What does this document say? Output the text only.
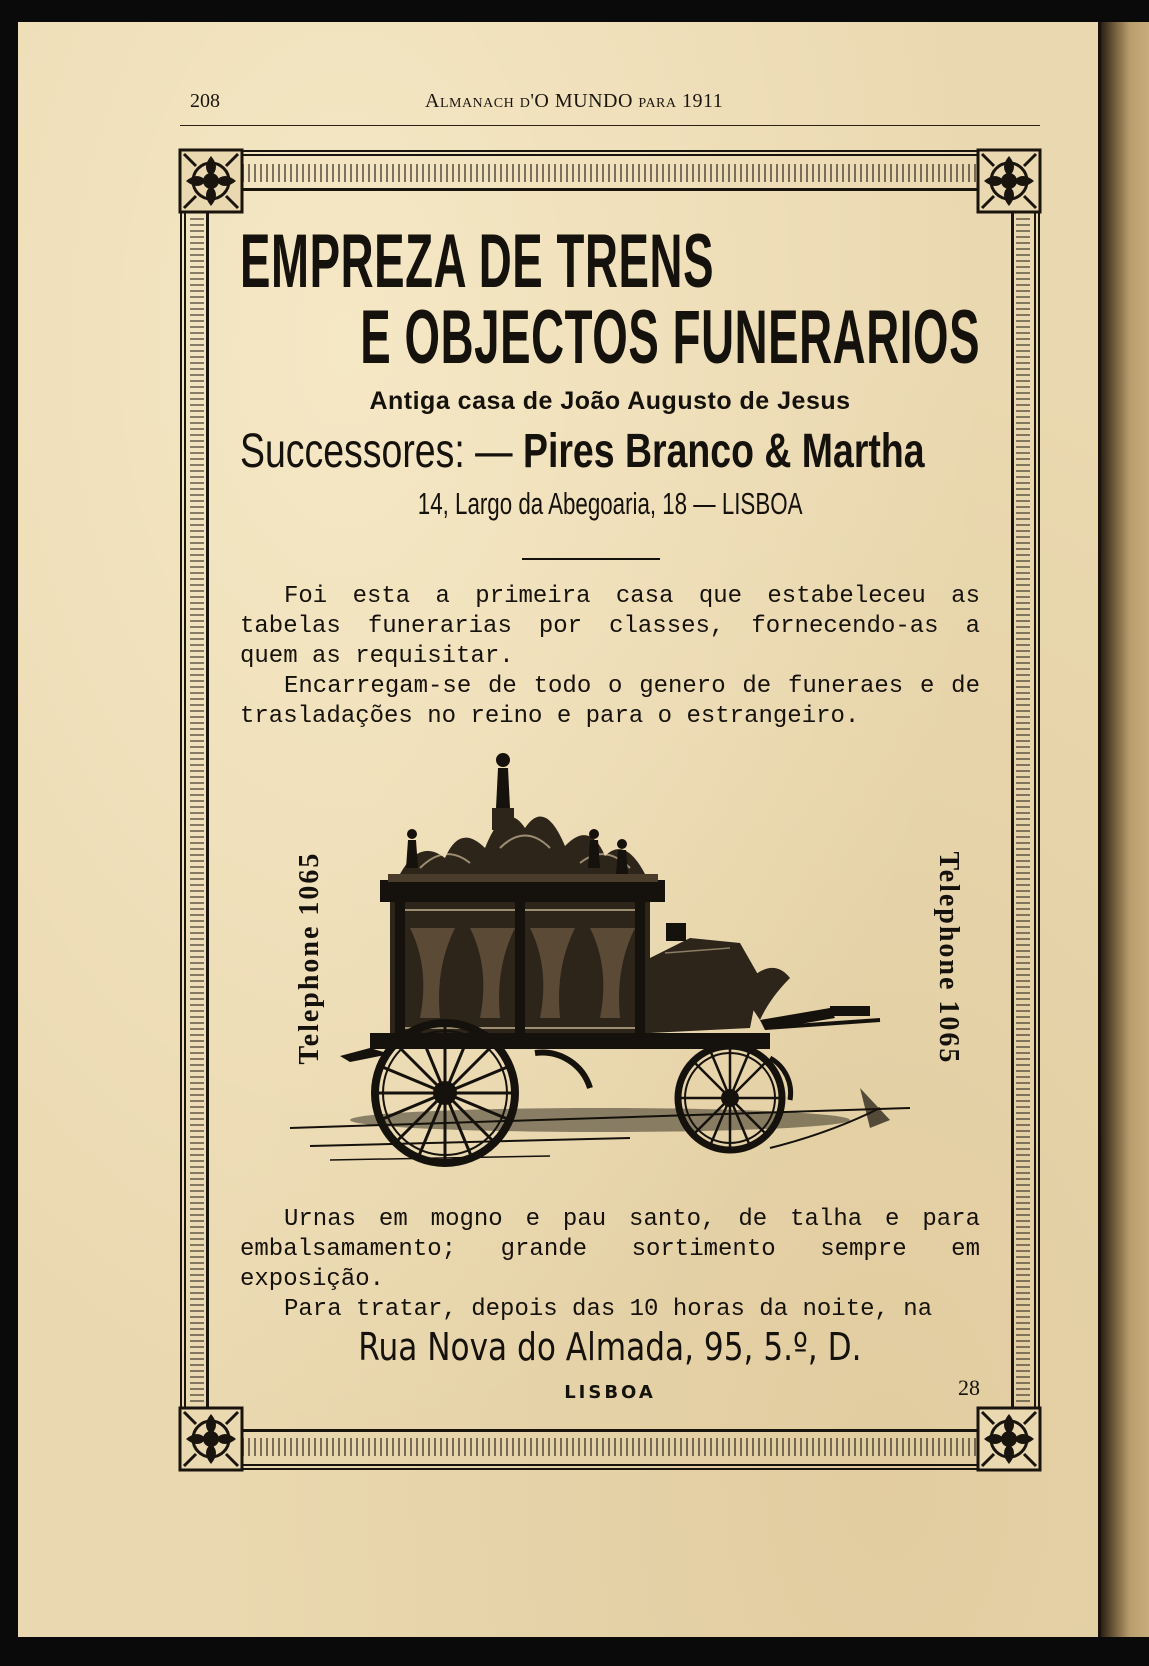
208	Almanach d'O MUNDO para 1911
EMPREZA DE TRENS
E OBJECTOS FUNERARIOS
Antiga casa de João Augusto de Jesus
Successores: — Pires Branco & Martha
14, Largo da Abegoaria, 18 — LISBOA

Foi esta a primeira casa que estabeleceu as tabelas funerarias por classes, fornecendo-as a quem as requisitar.

Encarregam-se de todo o genero de funeraes e de trasladações no reino e para o estrangeiro.

Telephone 1065	Telephone 1065

Urnas em mogno e pau santo, de talha e para embalsamamento; grande sortimento sempre em exposição.

Para tratar, depois das 10 horas da noite, na

Rua Nova do Almada, 95, 5.º, D.
LISBOA	28
